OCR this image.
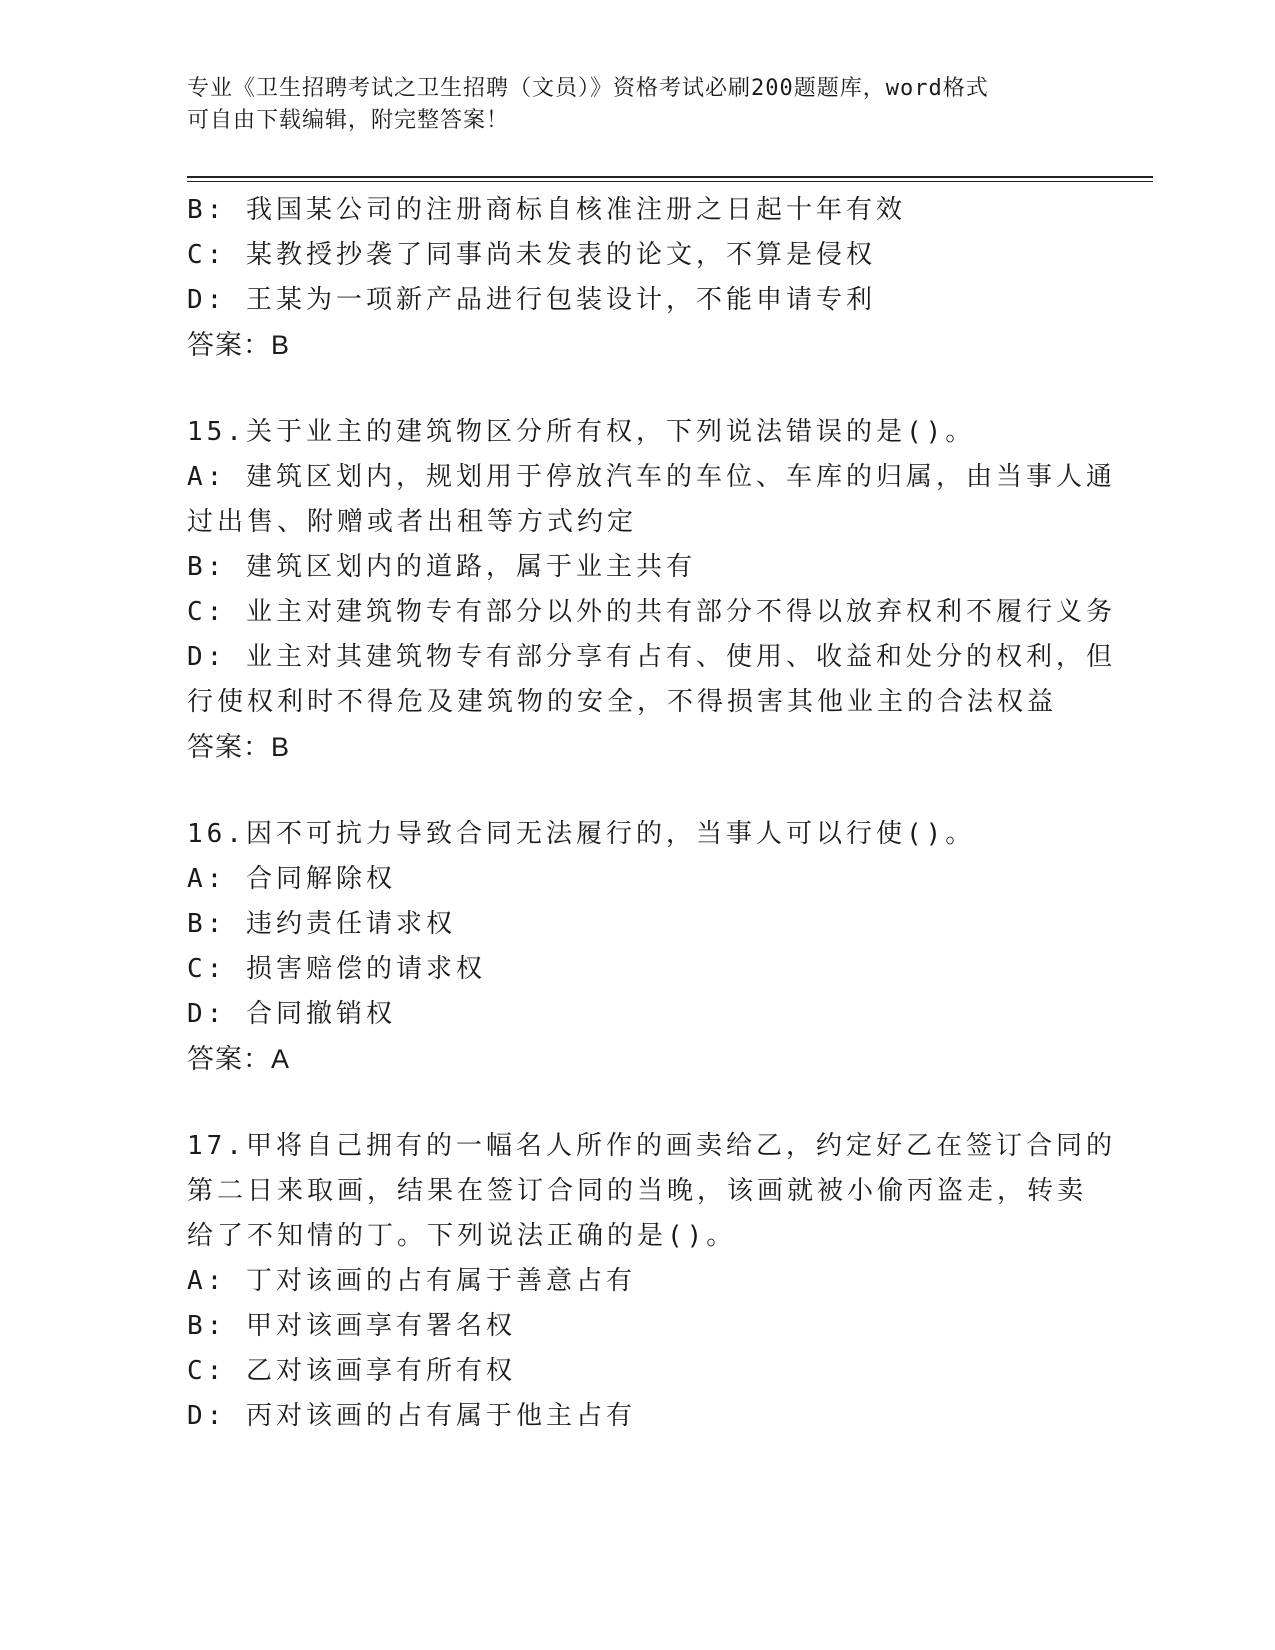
专业《卫生招聘考试之卫生招聘（文员）》资格考试必刷200题题库，word格式
可自由下载编辑，附完整答案！
B: 我国某公司的注册商标自核准注册之日起十年有效
C: 某教授抄袭了同事尚未发表的论文，不算是侵权
D: 王某为一项新产品进行包装设计，不能申请专利
答案：B
15.关于业主的建筑物区分所有权，下列说法错误的是()。
A: 建筑区划内，规划用于停放汽车的车位、车库的归属，由当事人通
过出售、附赠或者出租等方式约定
B: 建筑区划内的道路，属于业主共有
C: 业主对建筑物专有部分以外的共有部分不得以放弃权利不履行义务
D: 业主对其建筑物专有部分享有占有、使用、收益和处分的权利，但
行使权利时不得危及建筑物的安全，不得损害其他业主的合法权益
答案：B
16.因不可抗力导致合同无法履行的，当事人可以行使()。
A: 合同解除权
B: 违约责任请求权
C: 损害赔偿的请求权
D: 合同撤销权
答案：A
17.甲将自己拥有的一幅名人所作的画卖给乙，约定好乙在签订合同的
第二日来取画，结果在签订合同的当晚，该画就被小偷丙盗走，转卖
给了不知情的丁。下列说法正确的是()。
A: 丁对该画的占有属于善意占有
B: 甲对该画享有署名权
C: 乙对该画享有所有权
D: 丙对该画的占有属于他主占有
